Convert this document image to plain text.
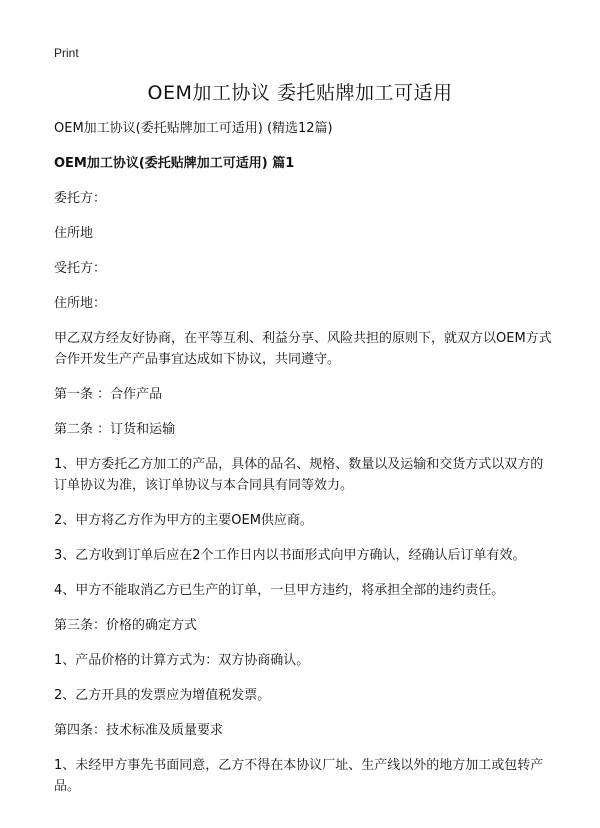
Print
OEM加工协议 委托贴牌加工可适用

OEM加工协议(委托贴牌加工可适用) (精选12篇)

OEM加工协议(委托贴牌加工可适用) 篇1

委托方：

住所地

受托方：

住所地：

甲乙双方经友好协商，在平等互利、利益分享、风险共担的原则下，就双方以OEM方式合作开发生产产品事宜达成如下协议，共同遵守。

第一条 ：合作产品

第二条 ：订货和运输

1、甲方委托乙方加工的产品，具体的品名、规格、数量以及运输和交货方式以双方的订单协议为准，该订单协议与本合同具有同等效力。

2、甲方将乙方作为甲方的主要OEM供应商。

3、乙方收到订单后应在2个工作日内以书面形式向甲方确认，经确认后订单有效。

4、甲方不能取消乙方已生产的订单，一旦甲方违约，将承担全部的违约责任。

第三条：价格的确定方式

1、产品价格的计算方式为：双方协商确认。

2、乙方开具的发票应为增值税发票。

第四条：技术标准及质量要求

1、未经甲方事先书面同意，乙方不得在本协议厂址、生产线以外的地方加工或包转产品。
